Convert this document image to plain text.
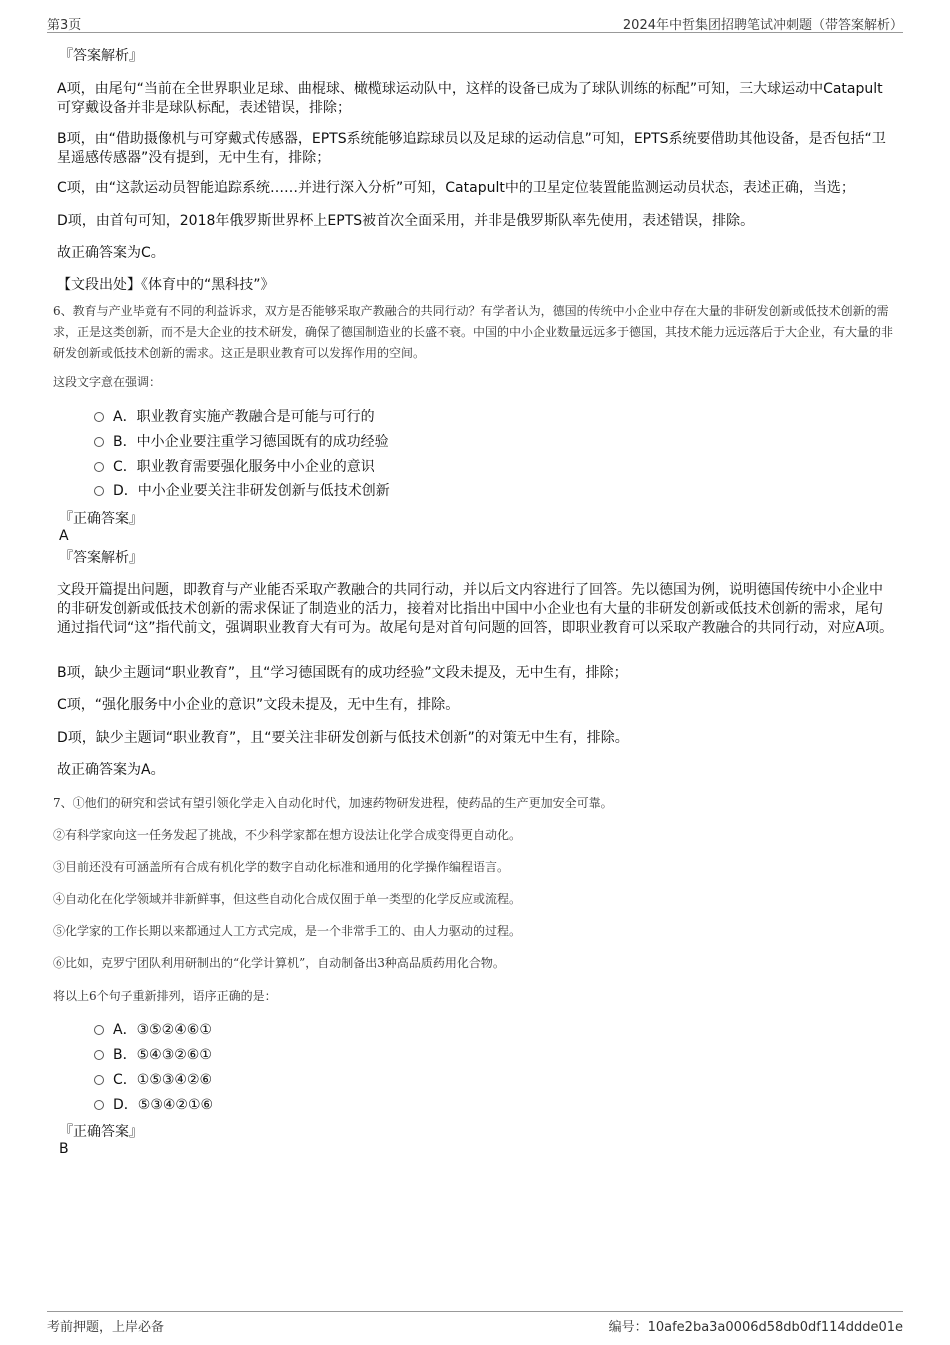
第3页	2024年中哲集团招聘笔试冲刺题（带答案解析）
『答案解析』
A项，由尾句“当前在全世界职业足球、曲棍球、橄榄球运动队中，这样的设备已成为了球队训练的标配”可知，三大球运动中Catapult可穿戴设备并非是球队标配，表述错误，排除；
B项，由“借助摄像机与可穿戴式传感器，EPTS系统能够追踪球员以及足球的运动信息”可知，EPTS系统要借助其他设备，是否包括“卫星遥感传感器”没有提到，无中生有，排除；
C项，由“这款运动员智能追踪系统……并进行深入分析”可知，Catapult中的卫星定位装置能监测运动员状态，表述正确，当选；
D项，由首句可知，2018年俄罗斯世界杯上EPTS被首次全面采用，并非是俄罗斯队率先使用，表述错误，排除。
故正确答案为C。
【文段出处】《体育中的“黑科技”》
6、教育与产业毕竟有不同的利益诉求，双方是否能够采取产教融合的共同行动？有学者认为，德国的传统中小企业中存在大量的非研发创新或低技术创新的需求，正是这类创新，而不是大企业的技术研发，确保了德国制造业的长盛不衰。中国的中小企业数量远远多于德国，其技术能力远远落后于大企业，有大量的非研发创新或低技术创新的需求。这正是职业教育可以发挥作用的空间。
这段文字意在强调：
A．职业教育实施产教融合是可能与可行的
B．中小企业要注重学习德国既有的成功经验
C．职业教育需要强化服务中小企业的意识
D．中小企业要关注非研发创新与低技术创新
『正确答案』
A
『答案解析』
文段开篇提出问题，即教育与产业能否采取产教融合的共同行动，并以后文内容进行了回答。先以德国为例，说明德国传统中小企业中的非研发创新或低技术创新的需求保证了制造业的活力，接着对比指出中国中小企业也有大量的非研发创新或低技术创新的需求，尾句通过指代词“这”指代前文，强调职业教育大有可为。故尾句是对首句问题的回答，即职业教育可以采取产教融合的共同行动，对应A项。
B项，缺少主题词“职业教育”，且“学习德国既有的成功经验”文段未提及，无中生有，排除；
C项，“强化服务中小企业的意识”文段未提及，无中生有，排除。
D项，缺少主题词“职业教育”，且“要关注非研发创新与低技术创新”的对策无中生有，排除。
故正确答案为A。
7、①他们的研究和尝试有望引领化学走入自动化时代，加速药物研发进程，使药品的生产更加安全可靠。
②有科学家向这一任务发起了挑战，不少科学家都在想方设法让化学合成变得更自动化。
③目前还没有可涵盖所有合成有机化学的数字自动化标准和通用的化学操作编程语言。
④自动化在化学领域并非新鲜事，但这些自动化合成仅囿于单一类型的化学反应或流程。
⑤化学家的工作长期以来都通过人工方式完成，是一个非常手工的、由人力驱动的过程。
⑥比如，克罗宁团队利用研制出的“化学计算机”，自动制备出3种高品质药用化合物。
将以上6个句子重新排列，语序正确的是：
A．③⑤②④⑥①
B．⑤④③②⑥①
C．①⑤③④②⑥
D．⑤③④②①⑥
『正确答案』
B
考前押题，上岸必备	编号：10afe2ba3a0006d58db0df114ddde01e
